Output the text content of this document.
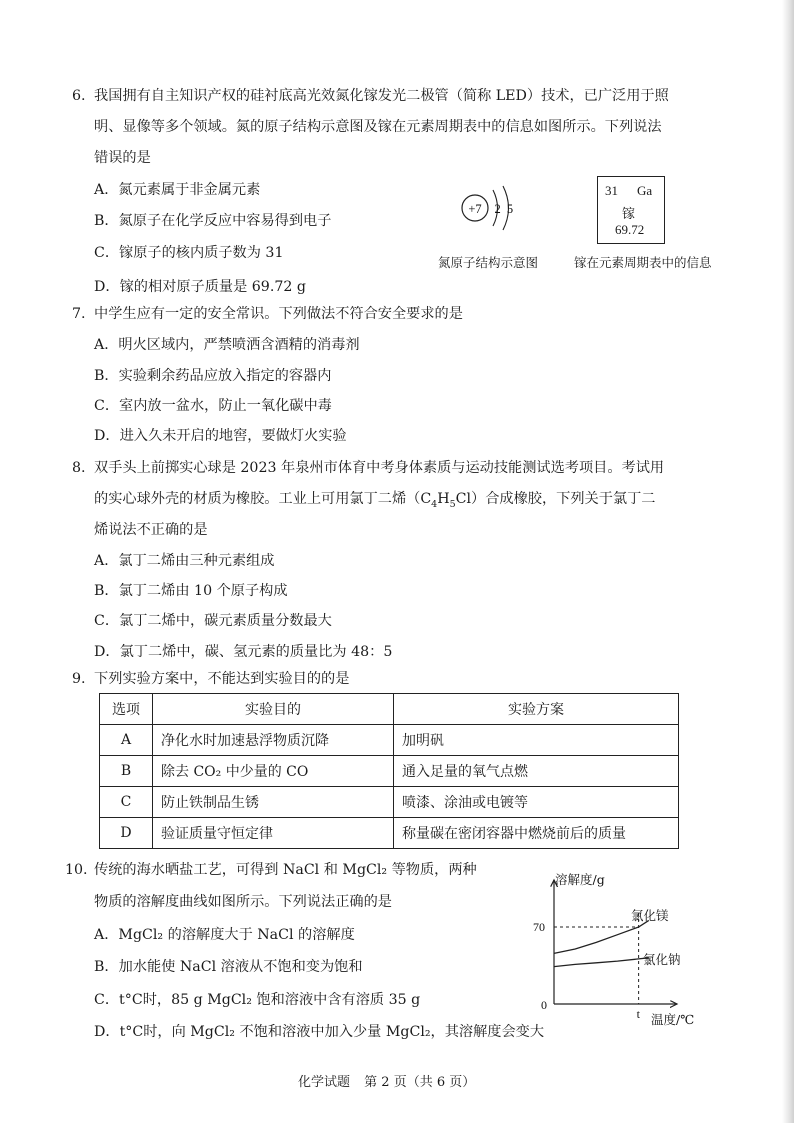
6. 我国拥有自主知识产权的硅衬底高光效氮化镓发光二极管（简称 LED）技术，已广泛用于照
明、显像等多个领域。氮的原子结构示意图及镓在元素周期表中的信息如图所示。下列说法
错误的是
A．氮元素属于非金属元素
B．氮原子在化学反应中容易得到电子
C．镓原子的核内质子数为 31
D．镓的相对原子质量是 69.72 g
+7 2 5
氮原子结构示意图
31 Ga
镓
69.72
镓在元素周期表中的信息
7. 中学生应有一定的安全常识。下列做法不符合安全要求的是
A．明火区域内，严禁喷洒含酒精的消毒剂
B．实验剩余药品应放入指定的容器内
C．室内放一盆水，防止一氧化碳中毒
D．进入久未开启的地窖，要做灯火实验
8. 双手头上前掷实心球是 2023 年泉州市体育中考身体素质与运动技能测试选考项目。考试用
的实心球外壳的材质为橡胶。工业上可用氯丁二烯$(C_4H_5Cl)$合成橡胶，下列关于氯丁二
烯说法不正确的是
A．氯丁二烯由三种元素组成
B．氯丁二烯由 10 个原子构成
C．氯丁二烯中，碳元素质量分数最大
D．氯丁二烯中，碳、氢元素的质量比为 48：5
9. 下列实验方案中，不能达到实验目的的是
选项	实验目的	实验方案
A	净化水时加速悬浮物质沉降	加明矾
B	除去 CO₂ 中少量的 CO	通入足量的氧气点燃
C	防止铁制品生锈	喷漆、涂油或电镀等
D	验证质量守恒定律	称量碳在密闭容器中燃烧前后的质量
10. 传统的海水晒盐工艺，可得到 NaCl 和 MgCl₂ 等物质，两种
物质的溶解度曲线如图所示。下列说法正确的是
A．MgCl₂ 的溶解度大于 NaCl 的溶解度
B．加水能使 NaCl 溶液从不饱和变为饱和
C．t°C时，85 g MgCl₂ 饱和溶液中含有溶质 35 g
D．t°C时，向 MgCl₂ 不饱和溶液中加入少量 MgCl₂，其溶解度会变大
溶解度/g
温度/℃
0
70
t
氯化镁
氯化钠
化学试题 第 2 页（共 6 页）
